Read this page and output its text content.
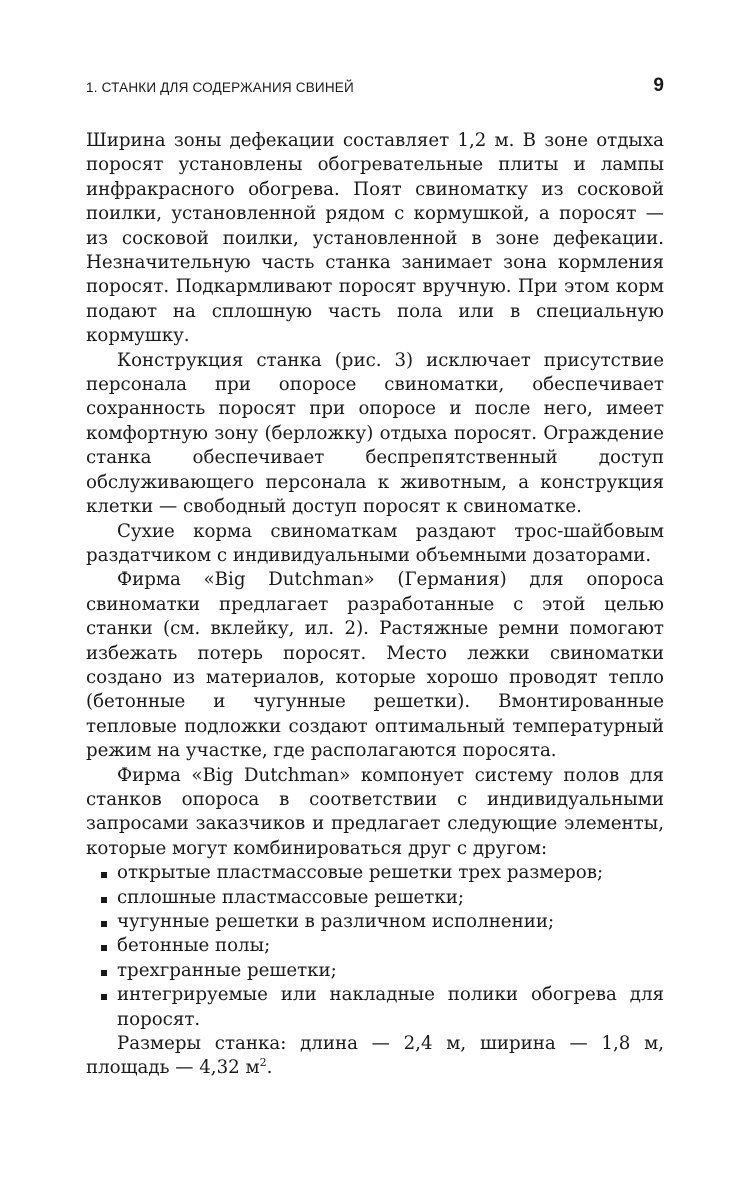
1. СТАНКИ ДЛЯ СОДЕРЖАНИЯ СВИНЕЙ	9

Ширина зоны дефекации составляет 1,2 м. В зоне отдыха поросят установлены обогревательные плиты и лампы инфракрасного обогрева. Поят свиноматку из сосковой поилки, установленной рядом с кормушкой, а поросят — из сосковой поилки, установленной в зоне дефекации. Незначительную часть станка занимает зона кормления поросят. Подкармливают поросят вручную. При этом корм подают на сплошную часть пола или в специальную кормушку.

Конструкция станка (рис. 3) исключает присутствие персонала при опоросе свиноматки, обеспечивает сохранность поросят при опоросе и после него, имеет комфортную зону (берложку) отдыха поросят. Ограждение станка обеспечивает беспрепятственный доступ обслуживающего персонала к животным, а конструкция клетки — свободный доступ поросят к свиноматке.

Сухие корма свиноматкам раздают трос-шайбовым раздатчиком с индивидуальными объемными дозаторами.

Фирма «Big Dutchman» (Германия) для опороса свиноматки предлагает разработанные с этой целью станки (см. вклейку, ил. 2). Растяжные ремни помогают избежать потерь поросят. Место лежки свиноматки создано из материалов, которые хорошо проводят тепло (бетонные и чугунные решетки). Вмонтированные тепловые подложки создают оптимальный температурный режим на участке, где располагаются поросята.

Фирма «Big Dutchman» компонует систему полов для станков опороса в соответствии с индивидуальными запросами заказчиков и предлагает следующие элементы, которые могут комбинироваться друг с другом:

открытые пластмассовые решетки трех размеров;
сплошные пластмассовые решетки;
чугунные решетки в различном исполнении;
бетонные полы;
трехгранные решетки;
интегрируемые или накладные полики обогрева для поросят.

Размеры станка: длина — 2,4 м, ширина — 1,8 м, площадь — 4,32 $м^2$.
